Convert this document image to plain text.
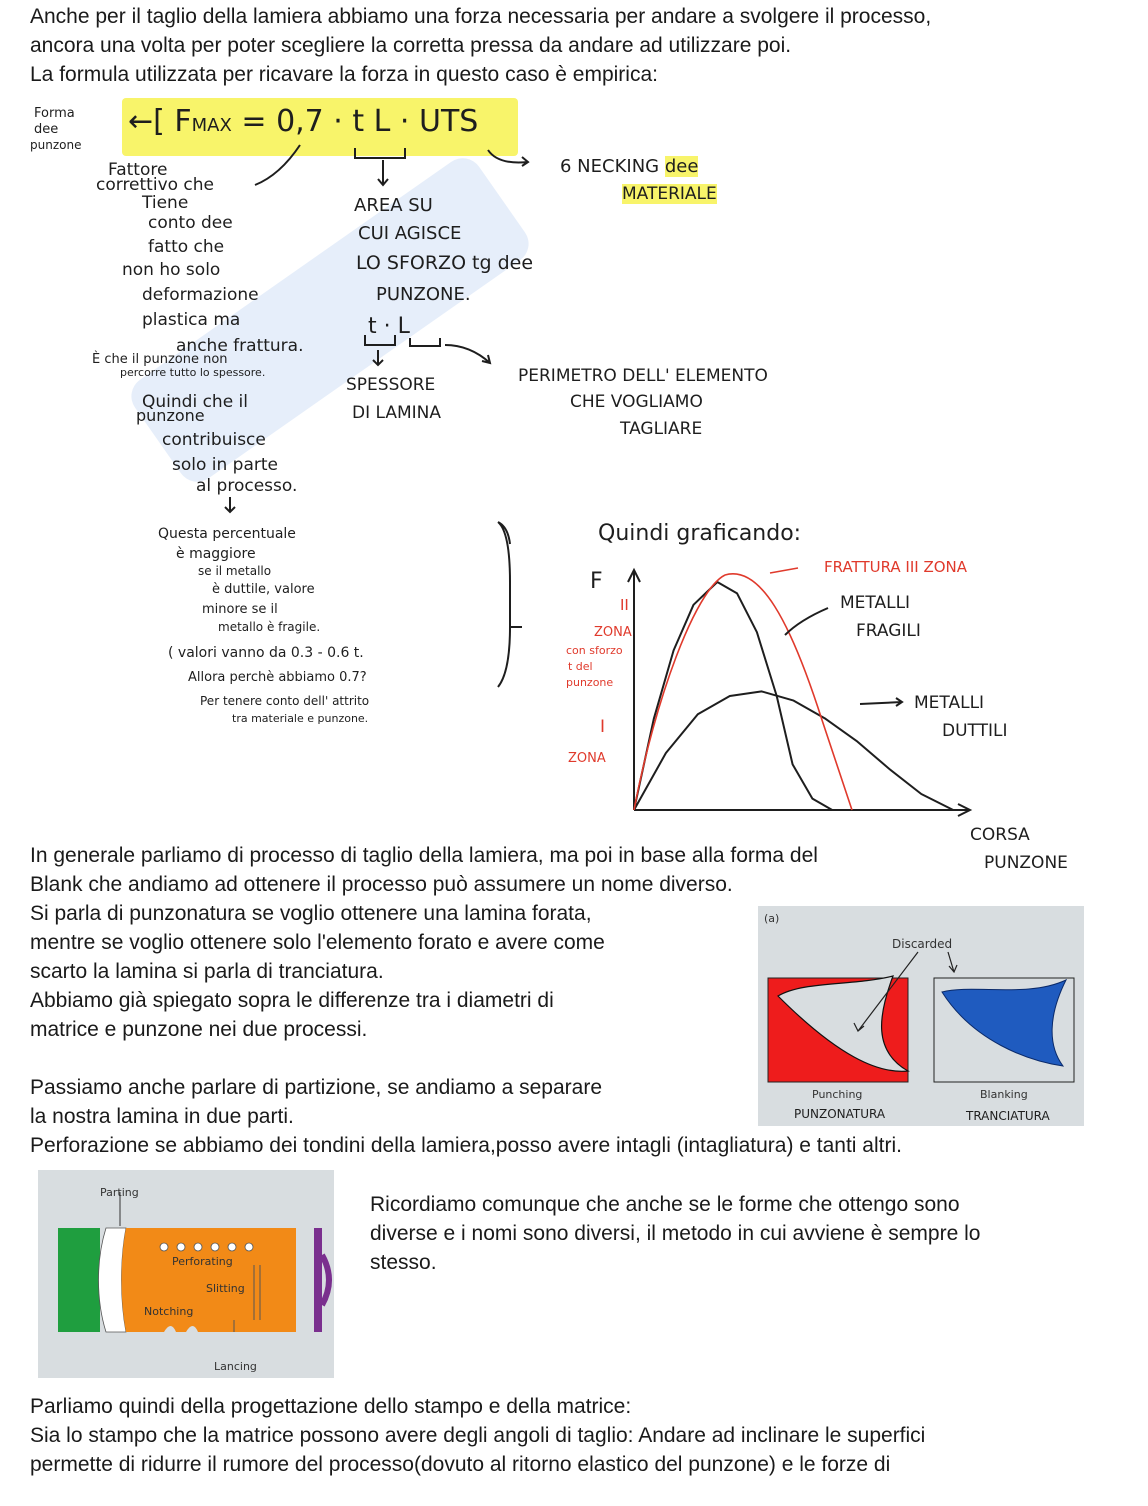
Anche per il taglio della lamiera abbiamo una forza necessaria per andare a svolgere il processo,

ancora una volta per poter scegliere la corretta pressa da andare ad utilizzare poi.

La formula utilizzata per ricavare la forza in questo caso è empirica:

Forma
dee
punzone
←[ FMAX = 0,7 · t L · UTS
6 NECKING dee
MATERIALE
AREA SU
CUI AGISCE
LO SFORZO tg dee
PUNZONE.
t · L
SPESSORE
DI LAMINA
PERIMETRO DELL' ELEMENTO
CHE VOGLIAMO
TAGLIARE
Fattore
correttivo che
Tiene
conto dee
fatto che
non ho solo
deformazione
plastica ma
anche frattura.
È che il punzone non
percorre tutto lo spessore.
Quindi che il
punzone
contribuisce
solo in parte
al processo.
Questa percentuale
è maggiore
se il metallo
è duttile, valore
minore se il
metallo è fragile.
( valori vanno da 0.3 - 0.6 t.
Allora perchè abbiamo 0.7?
Per tenere conto dell' attrito
tra materiale e punzone.
Quindi graficando:
F
FRATTURA III ZONA
METALLI
FRAGILI
METALLI
DUTTILI
II
ZONA
con sforzo
t del
punzone
I
ZONA
CORSA
PUNZONE

In generale parliamo di processo di taglio della lamiera, ma poi in base alla forma del

Blank che andiamo ad ottenere il processo può assumere un nome diverso.

Si parla di punzonatura se voglio ottenere una lamina forata,

mentre se voglio ottenere solo l'elemento forato e avere come

scarto la lamina si parla di tranciatura.

Abbiamo già spiegato sopra le differenze tra i diametri di

matrice e punzone nei due processi.

Passiamo anche parlare di partizione, se andiamo a separare

la nostra lamina in due parti.

Perforazione se abbiamo dei tondini della lamiera,posso avere intagli (intagliatura) e tanti altri.

(a)
Discarded
Punching	Blanking
PUNZONATURA	TRANCIATURA
Parting
Perforating
Slitting
Notching
Lancing

Ricordiamo comunque che anche se le forme che ottengo sono

diverse e i nomi sono diversi, il metodo in cui avviene è sempre lo

stesso.

Parliamo quindi della progettazione dello stampo e della matrice:

Sia lo stampo che la matrice possono avere degli angoli di taglio: Andare ad inclinare le superfici

permette di ridurre il rumore del processo(dovuto al ritorno elastico del punzone) e le forze di
